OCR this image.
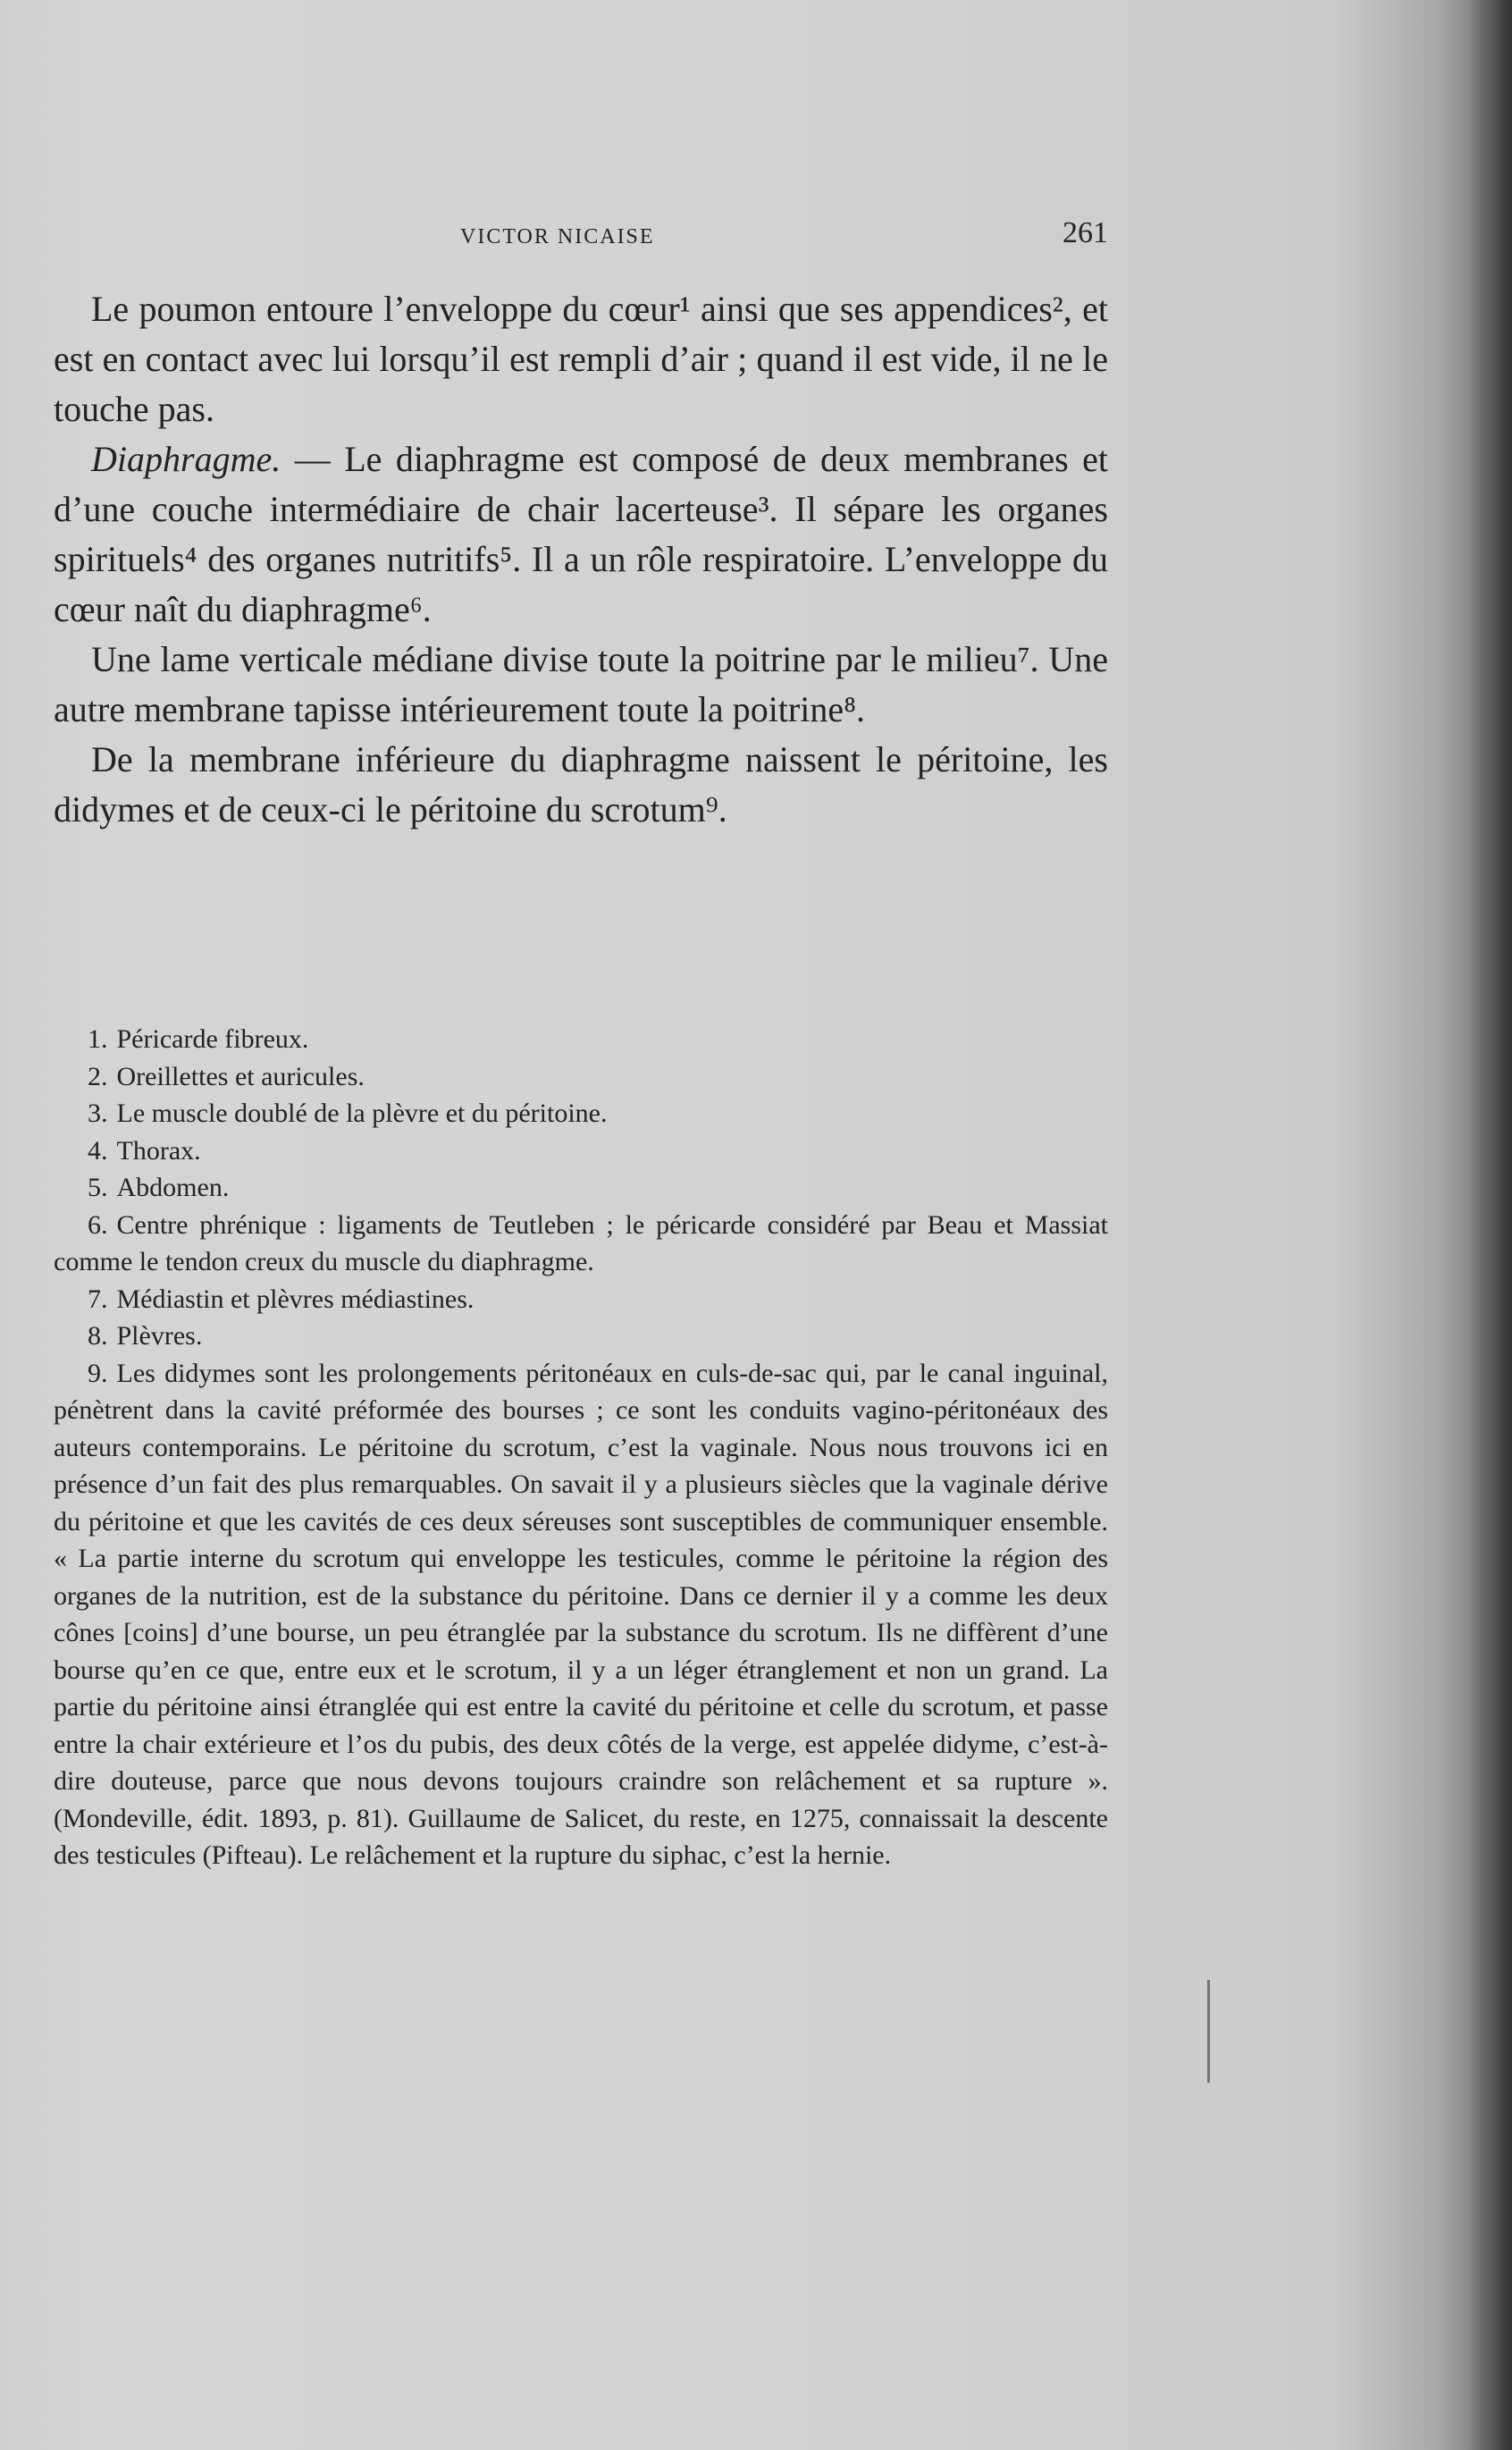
VICTOR NICAISE	261

Le poumon entoure l’enveloppe du cœur¹ ainsi que ses appendices², et est en contact avec lui lorsqu’il est rempli d’air ; quand il est vide, il ne le touche pas.

Diaphragme. — Le diaphragme est composé de deux membranes et d’une couche intermédiaire de chair lacerteuse³. Il sépare les organes spirituels⁴ des organes nutritifs⁵. Il a un rôle respiratoire. L’enveloppe du cœur naît du diaphragme⁶.

Une lame verticale médiane divise toute la poitrine par le milieu⁷. Une autre membrane tapisse intérieurement toute la poitrine⁸.

De la membrane inférieure du diaphragme naissent le péritoine, les didymes et de ceux-ci le péritoine du scrotum⁹.

1. Péricarde fibreux.

2. Oreillettes et auricules.

3. Le muscle doublé de la plèvre et du péritoine.

4. Thorax.

5. Abdomen.

6. Centre phrénique : ligaments de Teutleben ; le péricarde considéré par Beau et Massiat comme le tendon creux du muscle du diaphragme.

7. Médiastin et plèvres médiastines.

8. Plèvres.

9. Les didymes sont les prolongements péritonéaux en culs-de-sac qui, par le canal inguinal, pénètrent dans la cavité préformée des bourses ; ce sont les conduits vagino-péritonéaux des auteurs contemporains. Le péritoine du scrotum, c’est la vaginale. Nous nous trouvons ici en présence d’un fait des plus remarquables. On savait il y a plusieurs siècles que la vaginale dérive du péritoine et que les cavités de ces deux séreuses sont susceptibles de communiquer ensemble. « La partie interne du scrotum qui enveloppe les testicules, comme le péritoine la région des organes de la nutrition, est de la substance du péritoine. Dans ce dernier il y a comme les deux cônes [coins] d’une bourse, un peu étranglée par la substance du scrotum. Ils ne diffèrent d’une bourse qu’en ce que, entre eux et le scrotum, il y a un léger étranglement et non un grand. La partie du péritoine ainsi étranglée qui est entre la cavité du péritoine et celle du scrotum, et passe entre la chair extérieure et l’os du pubis, des deux côtés de la verge, est appelée didyme, c’est-à-dire douteuse, parce que nous devons toujours craindre son relâchement et sa rupture ». (Mondeville, édit. 1893, p. 81). Guillaume de Salicet, du reste, en 1275, connaissait la descente des testicules (Pifteau). Le relâchement et la rupture du siphac, c’est la hernie.
